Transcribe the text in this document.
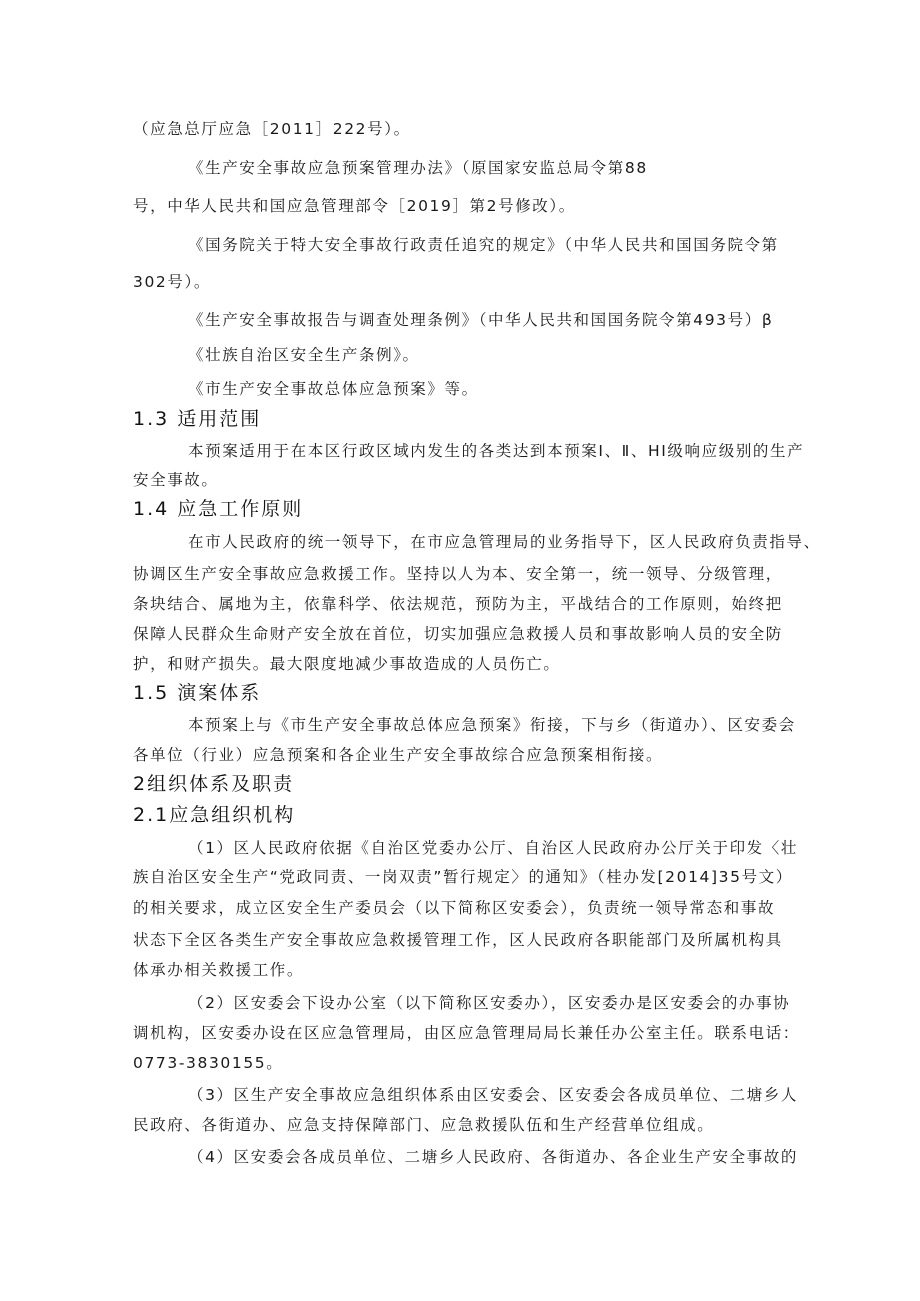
（应急总厅应急［2011］222号）。
《生产安全事故应急预案管理办法》（原国家安监总局令第88
号，中华人民共和国应急管理部令［2019］第2号修改）。
《国务院关于特大安全事故行政责任追究的规定》（中华人民共和国国务院令第
302号）。
《生产安全事故报告与调查处理条例》（中华人民共和国国务院令第493号）β
《壮族自治区安全生产条例》。
《市生产安全事故总体应急预案》等。
1.3 适用范围
本预案适用于在本区行政区域内发生的各类达到本预案I、Ⅱ、HI级响应级别的生产
安全事故。
1.4 应急工作原则
在市人民政府的统一领导下，在市应急管理局的业务指导下，区人民政府负责指导、
协调区生产安全事故应急救援工作。坚持以人为本、安全第一，统一领导、分级管理，
条块结合、属地为主，依靠科学、依法规范，预防为主，平战结合的工作原则，始终把
保障人民群众生命财产安全放在首位，切实加强应急救援人员和事故影响人员的安全防
护，和财产损失。最大限度地减少事故造成的人员伤亡。
1.5 演案体系
本预案上与《市生产安全事故总体应急预案》衔接，下与乡（街道办）、区安委会
各单位（行业）应急预案和各企业生产安全事故综合应急预案相衔接。
2组织体系及职责
2.1应急组织机构
（1）区人民政府依据《自治区党委办公厅、自治区人民政府办公厅关于印发〈壮
族自治区安全生产“党政同责、一岗双责”暂行规定〉的通知》（桂办发[2014]35号文）
的相关要求，成立区安全生产委员会（以下简称区安委会），负责统一领导常态和事故
状态下全区各类生产安全事故应急救援管理工作，区人民政府各职能部门及所属机构具
体承办相关救援工作。
（2）区安委会下设办公室（以下简称区安委办），区安委办是区安委会的办事协
调机构，区安委办设在区应急管理局，由区应急管理局局长兼任办公室主任。联系电话：
0773-3830155。
（3）区生产安全事故应急组织体系由区安委会、区安委会各成员单位、二塘乡人
民政府、各街道办、应急支持保障部门、应急救援队伍和生产经营单位组成。
（4）区安委会各成员单位、二塘乡人民政府、各街道办、各企业生产安全事故的
